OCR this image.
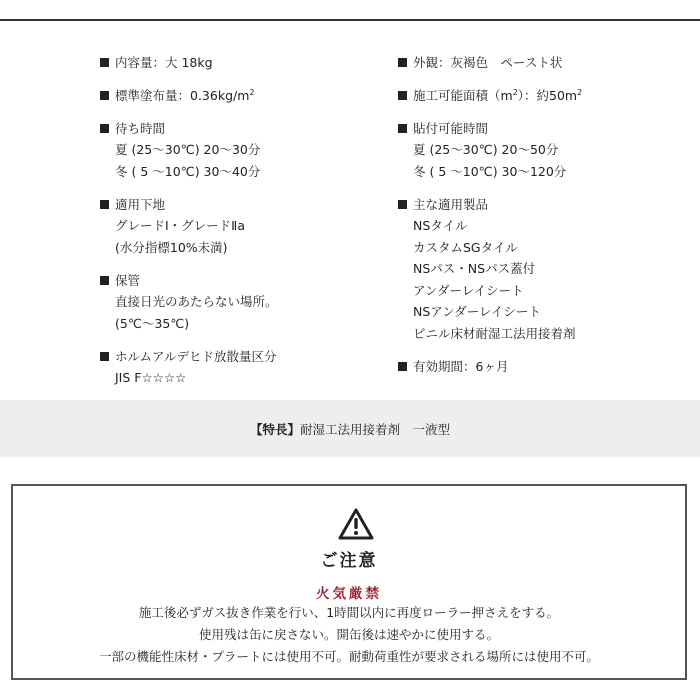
内容量：大 18kg
標準塗布量：$0.36kg/m^2$
待ち時間
夏 (25～30℃) 20～30分
冬 ( 5 ～10℃) 30～40分
適用下地
グレードⅠ・グレードⅡa
(水分指標10%未満)
保管
直接日光のあたらない場所。
(5℃～35℃)
ホルムアルデヒド放散量区分
JIS F☆☆☆☆
外観：灰褐色　ペースト状
施工可能面積$(m^2)$：約$50m^2$
貼付可能時間
夏 (25～30℃) 20～50分
冬 ( 5 ～10℃) 30～120分
主な適用製品
NSタイル
カスタムSGタイル
NSパス・NSパス蓋付
アンダーレイシート
NSアンダーレイシート
ビニル床材耐湿工法用接着剤
有効期間：6ヶ月
【特長】 耐湿工法用接着剤　一液型
ご注意
火気厳禁
施工後必ずガス抜き作業を行い、1時間以内に再度ローラー押さえをする。
使用残は缶に戻さない。開缶後は速やかに使用する。
一部の機能性床材・プラートには使用不可。耐動荷重性が要求される場所には使用不可。
